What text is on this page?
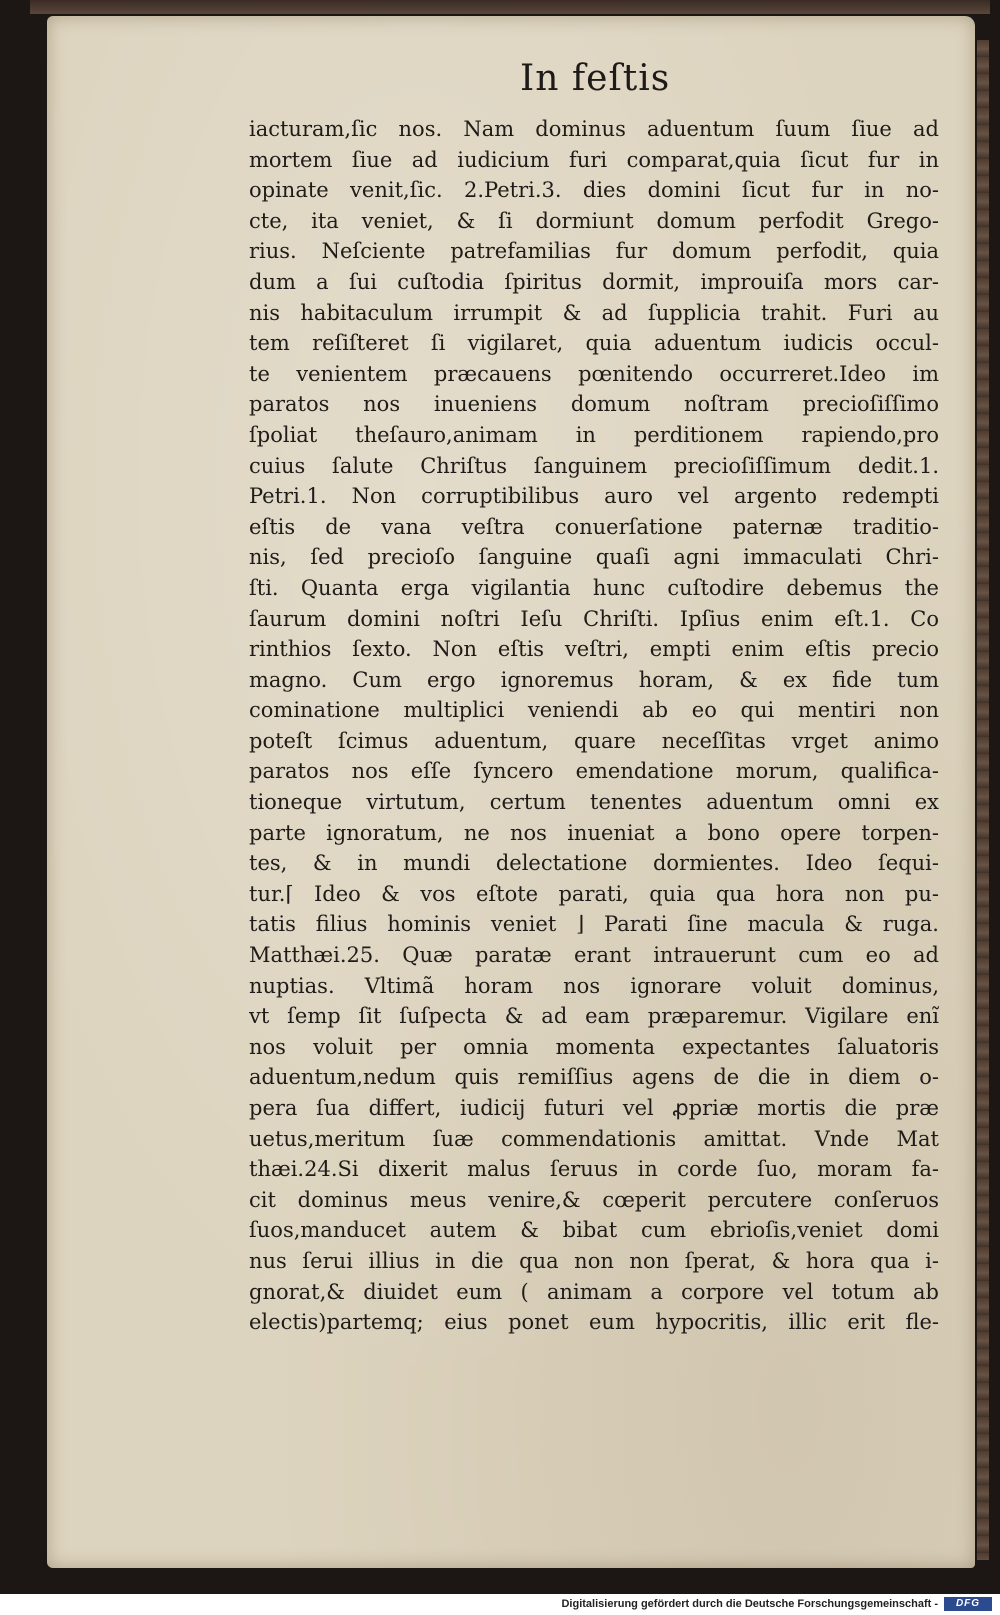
In feſtis
iacturam,ſic nos. Nam dominus aduentum ſuum ſiue ad
mortem ſiue ad iudicium furi comparat,quia ſicut fur in
opinate venit,ſic. 2.Petri.3. dies domini ſicut fur in no-
cte, ita veniet, & ſi dormiunt domum perfodit Grego-
rius. Neſciente patrefamilias fur domum perfodit, quia
dum a ſui cuſtodia ſpiritus dormit, improuiſa mors car-
nis habitaculum irrumpit & ad ſupplicia trahit. Furi au
tem reſiſteret ſi vigilaret, quia aduentum iudicis occul-
te venientem præcauens pœnitendo occurreret.Ideo im
paratos nos inueniens domum noſtram precioſiſſimo
ſpoliat theſauro,animam in perditionem rapiendo,pro
cuius ſalute Chriſtus ſanguinem precioſiſſimum dedit.1.
Petri.1. Non corruptibilibus auro vel argento redempti
eſtis de vana veſtra conuerſatione paternæ traditio-
nis, ſed precioſo ſanguine quaſi agni immaculati Chri-
ſti. Quanta erga vigilantia hunc cuſtodire debemus the
ſaurum domini noſtri Ieſu Chriſti. Ipſius enim eſt.1. Co
rinthios ſexto. Non eſtis veſtri, empti enim eſtis precio
magno. Cum ergo ignoremus horam, & ex fide tum
cominatione multiplici veniendi ab eo qui mentiri non
poteſt ſcimus aduentum, quare neceſſitas vrget animo
paratos nos eſſe ſyncero emendatione morum, qualifica-
tioneque virtutum, certum tenentes aduentum omni ex
parte ignoratum, ne nos inueniat a bono opere torpen-
tes, & in mundi delectatione dormientes. Ideo ſequi-
tur.⌈ Ideo & vos eſtote parati, quia qua hora non pu-
tatis filius hominis veniet ⌋ Parati ſine macula & ruga.
Matthæi.25. Quæ paratæ erant intrauerunt cum eo ad
nuptias. Vltimã horam nos ignorare voluit dominus,
vt ſemp ſit ſuſpecta & ad eam præparemur. Vigilare enĩ
nos voluit per omnia momenta expectantes ſaluatoris
aduentum,nedum quis remiſſius agens de die in diem o-
pera ſua differt, iudicij futuri vel ꝓpriæ mortis die præ
uetus,meritum ſuæ commendationis amittat. Vnde Mat
thæi.24.Si dixerit malus ſeruus in corde ſuo, moram fa-
cit dominus meus venire,& cœperit percutere conſeruos
ſuos,manducet autem & bibat cum ebrioſis,veniet domi
nus ſerui illius in die qua non non ſperat, & hora qua i-
gnorat,& diuidet eum ( animam a corpore vel totum ab
electis)partemq; eius ponet eum hypocritis, illic erit fle-
Digitalisierung gefördert durch die Deutsche Forschungsgemeinschaft -	DFG
